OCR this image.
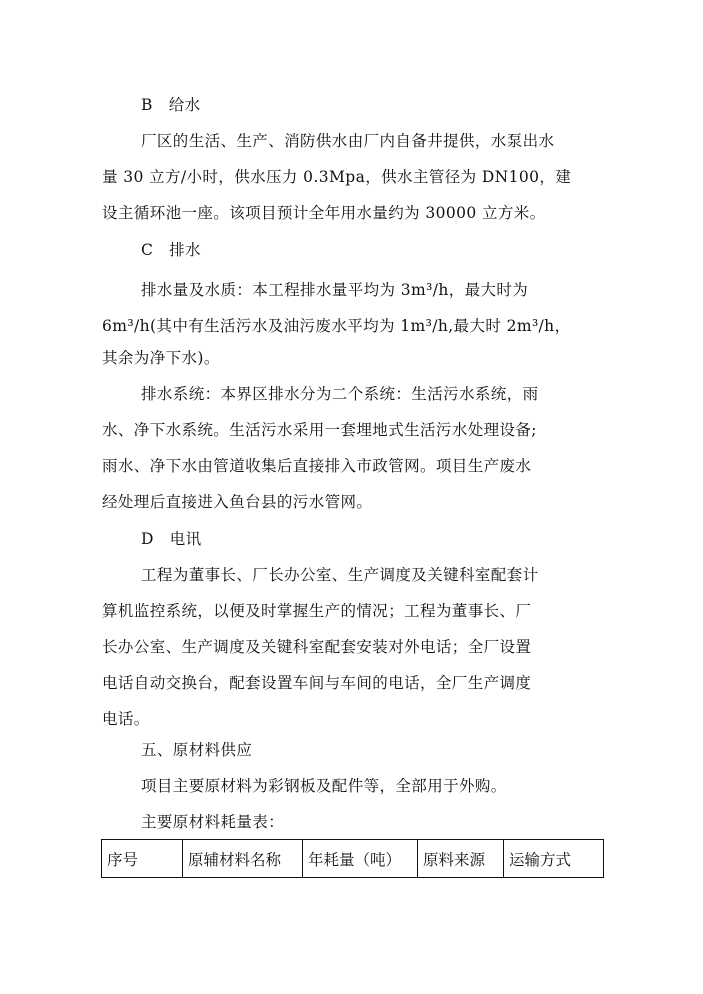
B　给水
厂区的生活、生产、消防供水由厂内自备井提供，水泵出水
量 30 立方/小时，供水压力 0.3Mpa，供水主管径为 DN100，建
设主循环池一座。该项目预计全年用水量约为 30000 立方米。
C　排水
排水量及水质：本工程排水量平均为 3m³/h，最大时为
6m³/h(其中有生活污水及油污废水平均为 1m³/h,最大时 2m³/h，
其余为净下水)。
排水系统：本界区排水分为二个系统：生活污水系统，雨
水、净下水系统。生活污水采用一套埋地式生活污水处理设备;
雨水、净下水由管道收集后直接排入市政管网。项目生产废水
经处理后直接进入鱼台县的污水管网。
D　电讯
工程为董事长、厂长办公室、生产调度及关键科室配套计
算机监控系统，以便及时掌握生产的情况；工程为董事长、厂
长办公室、生产调度及关键科室配套安装对外电话；全厂设置
电话自动交换台，配套设置车间与车间的电话，全厂生产调度
电话。
五、原材料供应
项目主要原材料为彩钢板及配件等，全部用于外购。
主要原材料耗量表：
序号	原辅材料名称	年耗量（吨）	原料来源	运输方式
